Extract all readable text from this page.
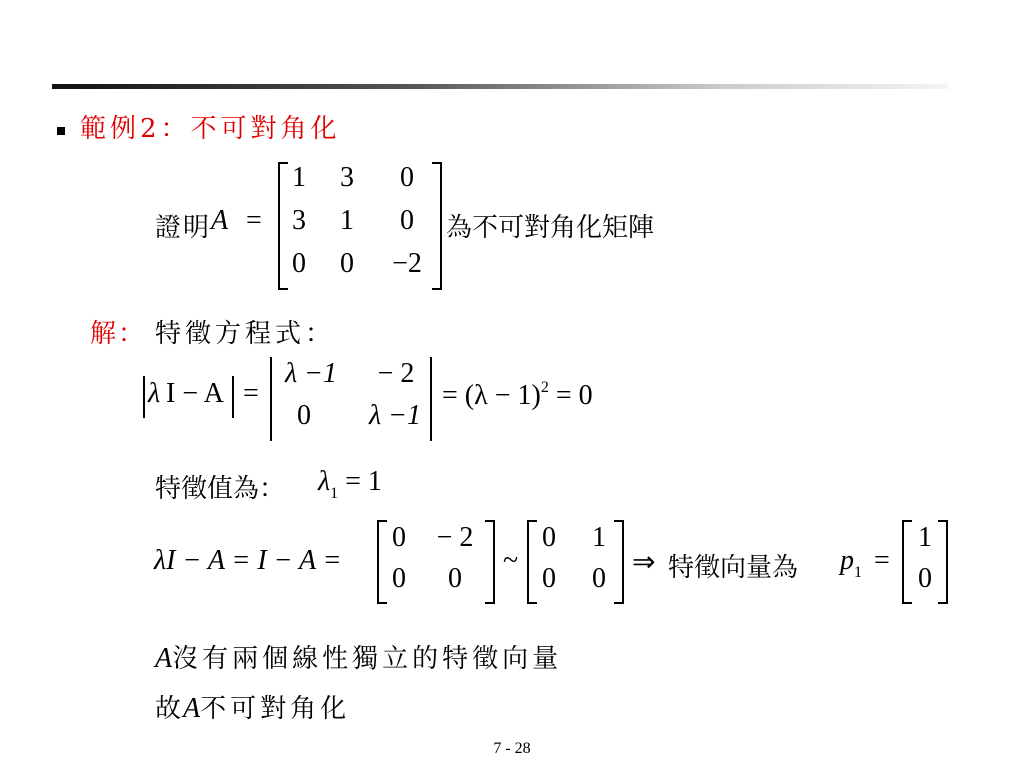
範例2：不可對角化
證明 A =
1 3	0
3 1	0
0 0	−2
為不可對角化矩陣
解： 特徵方程式：
λ I − A =
λ −1	− 2
0	λ −1
= $(\lambda - 1)^2 = 0$
特徵值為： $\lambda_1 = 1$
λI − A = I − A =
0	− 2
0 0
~
0 1
0 0
⇒ 特徵向量為 $p_1$ =
1
0
A沒有兩個線性獨立的特徵向量
故A不可對角化
7 - 28
